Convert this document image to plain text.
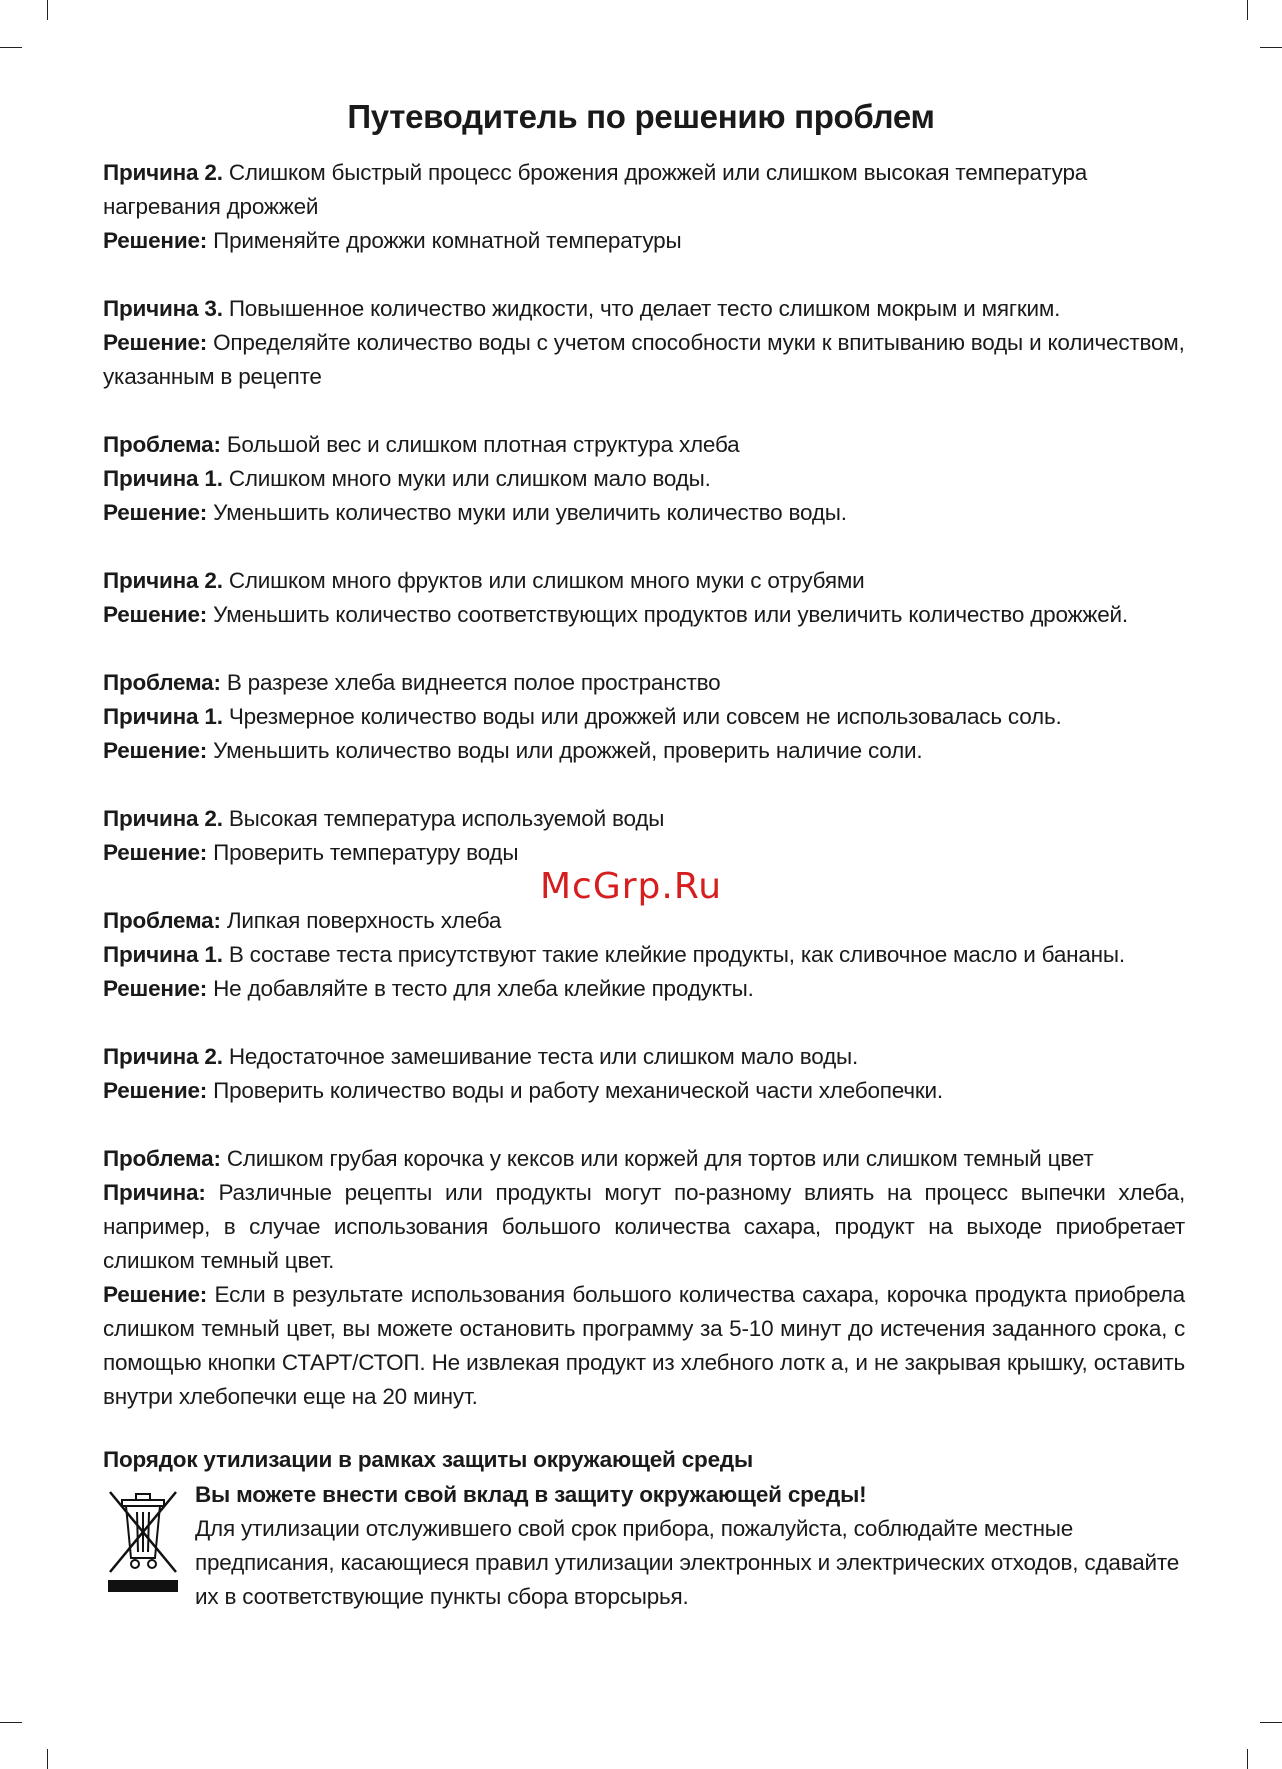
Путеводитель по решению проблем

Причина 2. Слишком быстрый процесс брожения дрожжей или слишком высокая температура нагревания дрожжей

Решение: Применяйте дрожжи комнатной температуры

Причина 3. Повышенное количество жидкости, что делает тесто слишком мокрым и мягким.

Решение: Определяйте количество воды с учетом способности муки к впитыванию воды и количеством, указанным в рецепте

Проблема: Большой вес и слишком плотная структура хлеба

Причина 1. Слишком много муки или слишком мало воды.

Решение: Уменьшить количество муки или увеличить количество воды.

Причина 2. Слишком много фруктов или слишком много муки с отрубями

Решение: Уменьшить количество соответствующих продуктов или увеличить количество дрожжей.

Проблема: В разрезе хлеба виднеется полое пространство

Причина 1. Чрезмерное количество воды или дрожжей или совсем не использовалась соль.

Решение: Уменьшить количество воды или дрожжей, проверить наличие соли.

Причина 2. Высокая температура используемой воды

Решение: Проверить температуру воды

Проблема: Липкая поверхность хлеба

Причина 1. В составе теста присутствуют такие клейкие продукты, как сливочное масло и бананы.

Решение: Не добавляйте в тесто для хлеба клейкие продукты.

Причина 2. Недостаточное замешивание теста или слишком мало воды.

Решение: Проверить количество воды и работу механической части хлебопечки.

Проблема: Слишком грубая корочка у кексов или коржей для тортов или слишком темный цвет

Причина: Различные рецепты или продукты могут по-разному влиять на процесс выпечки хлеба, например, в случае использования большого количества сахара, продукт на выходе приобретает слишком темный цвет.

Решение: Если в результате использования большого количества сахара, корочка продукта приобрела слишком темный цвет, вы можете остановить программу за 5-10 минут до истечения заданного срока, с помощью кнопки СТАРТ/СТОП. Не извлекая продукт из хлебного лотк а, и не закрывая крышку, оставить внутри хлебопечки еще на 20 минут.

McGrp.Ru
Порядок утилизации в рамках защиты окружающей среды

Вы можете внести свой вклад в защиту окружающей среды!

Для утилизации отслужившего свой срок прибора, пожалуйста, соблюдайте местные предписания, касающиеся правил утилизации электронных и электрических отходов, сдавайте их в соответствующие пункты сбора вторсырья.
